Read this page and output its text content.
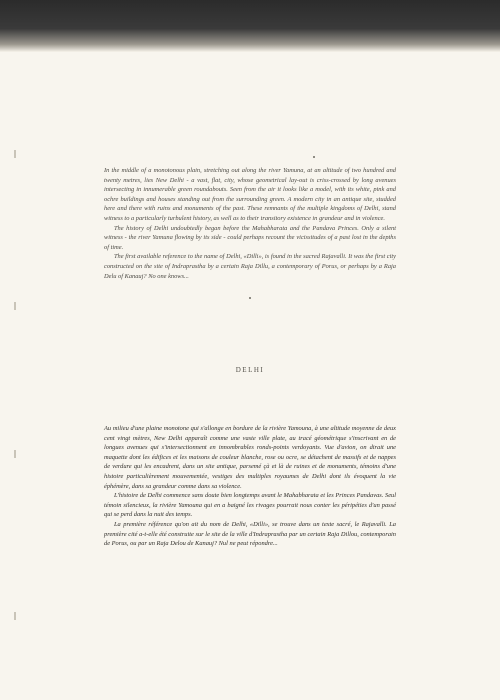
In the middle of a monotonous plain, stretching out along the river Yamuna, at an altitude of two hundred and twenty metres, lies New Delhi - a vast, flat, city, whose geometrical lay-out is criss-crossed by long avenues intersecting in innumerable green roundabouts. Seen from the air it looks like a model, with its white, pink and ochre buildings and houses standing out from the surrounding green. A modern city in an antique site, studded here and there with ruins and monuments of the past. These remnants of the multiple kingdoms of Delhi, stand witness to a particularly turbulent history, as well as to their transitory existence in grandeur and in violence.

The history of Delhi undoubtedly began before the Mahabharata and the Pandava Princes. Only a silent witness - the river Yamuna flowing by its side - could perhaps recount the vicissitudes of a past lost in the depths of time.

The first available reference to the name of Delhi, «Dilli», is found in the sacred Rajavalli. It was the first city constructed on the site of Indraprastha by a certain Raja Dillu, a contemporary of Porus, or perhaps by a Raja Delu of Kanauj? No one knows...

DELHI

Au milieu d'une plaine monotone qui s'allonge en bordure de la rivière Yamouna, à une altitude moyenne de deux cent vingt mètres, New Delhi apparaît comme une vaste ville plate, au tracé géométrique s'inscrivant en de longues avenues qui s'intersectionnent en innombrables ronds-points verdoyants. Vue d'avion, on dirait une maquette dont les édifices et les maisons de couleur blanche, rose ou ocre, se détachent de massifs et de nappes de verdure qui les encadrent, dans un site antique, parsemé çà et là de ruines et de monuments, témoins d'une histoire particulièrement mouvementée, vestiges des multiples royaumes de Delhi dont ils évoquent la vie éphémère, dans sa grandeur comme dans sa violence.

L'histoire de Delhi commence sans doute bien longtemps avant le Mahabharata et les Princes Pandavas. Seul témoin silencieux, la rivière Yamouna qui en a baigné les rivages pourrait nous conter les péripéties d'un passé qui se perd dans la nuit des temps.

La première référence qu'on ait du nom de Delhi, «Dilli», se trouve dans un texte sacré, le Rajavalli. La première cité a-t-elle été construite sur le site de la ville d'Indraprastha par un certain Raja Dillou, contemporain de Porus, ou par un Raja Delou de Kanauj? Nul ne peut répondre...
